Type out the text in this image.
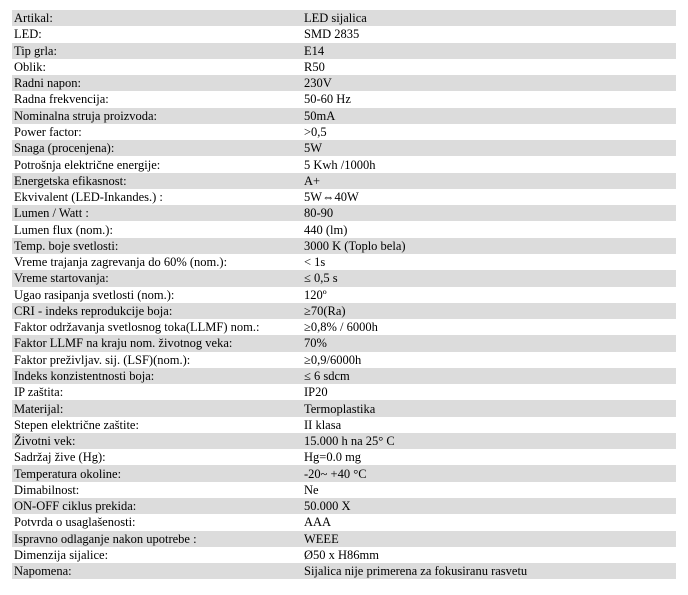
Artikal:	LED sijalica
LED:	SMD 2835
Tip grla:	E14
Oblik:	R50
Radni napon:	230V
Radna frekvencija:	50-60 Hz
Nominalna struja proizvoda:	50mA
Power factor:	>0,5
Snaga (procenjena):	5W
Potrošnja električne energije:	5 Kwh /1000h
Energetska efikasnost:	A+
Ekvivalent (LED-Inkandes.) :	5W⇔40W
Lumen / Watt :	80-90
Lumen flux (nom.):	440 (lm)
Temp. boje svetlosti:	3000 K (Toplo bela)
Vreme trajanja zagrevanja do 60% (nom.):	< 1s
Vreme startovanja:	≤ 0,5 s
Ugao rasipanja svetlosti (nom.):	120º
CRI - indeks reprodukcije boja:	≥70(Ra)
Faktor održavanja svetlosnog toka(LLMF) nom.:	≥0,8% / 6000h
Faktor LLMF na kraju nom. životnog veka:	70%
Faktor preživljav. sij. (LSF)(nom.):	≥0,9/6000h
Indeks konzistentnosti boja:	≤ 6 sdcm
IP zaštita:	IP20
Materijal:	Termoplastika
Stepen električne zaštite:	II klasa
Životni vek:	15.000 h na 25° C
Sadržaj žive (Hg):	Hg=0.0 mg
Temperatura okoline:	-20~ +40 °C
Dimabilnost:	Ne
ON-OFF ciklus prekida:	50.000 X
Potvrda o usaglašenosti:	AAA
Ispravno odlaganje nakon upotrebe :	WEEE
Dimenzija sijalice:	Ø50 x H86mm
Napomena:	Sijalica nije primerena za fokusiranu rasvetu
